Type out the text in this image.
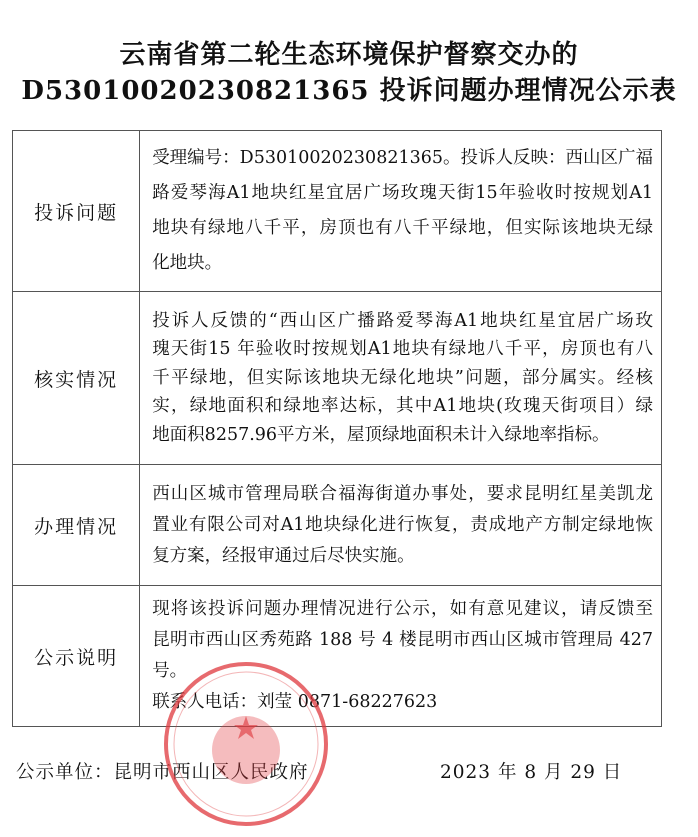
云南省第二轮生态环境保护督察交办的
D53010020230821365 投诉问题办理情况公示表
投诉问题	受理编号：D53010020230821365。投诉人反映：西山区广福
路爱琴海A1地块红星宜居广场玫瑰天街15年验收时按规划A1
地块有绿地八千平，房顶也有八千平绿地，但实际该地块无绿
化地块。

核实情况	投诉人反馈的“西山区广播路爱琴海A1地块红星宜居广场玫
瑰天街15 年验收时按规划A1地块有绿地八千平，房顶也有八
千平绿地，但实际该地块无绿化地块”问题，部分属实。经核
实，绿地面积和绿地率达标，其中A1地块(玫瑰天街项目）绿
地面积8257.96平方米，屋顶绿地面积未计入绿地率指标。

办理情况	西山区城市管理局联合福海街道办事处，要求昆明红星美凯龙
置业有限公司对A1地块绿化进行恢复，责成地产方制定绿地恢
复方案，经报审通过后尽快实施。

公示说明	现将该投诉问题办理情况进行公示，如有意见建议，请反馈至
昆明市西山区秀苑路 188 号 4 楼昆明市西山区城市管理局 427
号。
联系人电话：刘莹 0871-68227623
公示单位：昆明市西山区人民政府	2023 年 8 月 29 日
